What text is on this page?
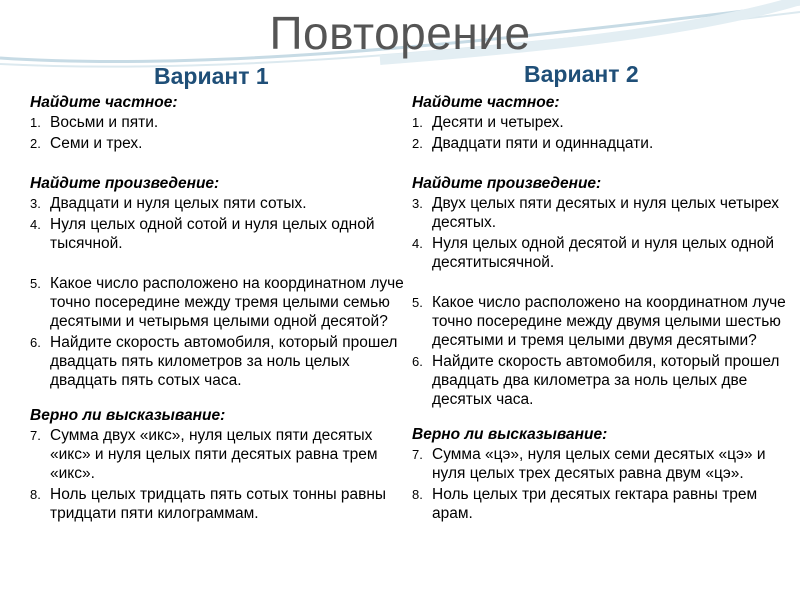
Повторение
Вариант 1
Найдите частное:
1. Восьми и пяти.
2. Семи и трех.
Найдите произведение:
3. Двадцати и нуля целых пяти сотых.
4. Нуля целых одной сотой и нуля целых одной тысячной.
5. Какое число расположено на координатном луче точно посередине между тремя целыми семью десятыми и четырьмя целыми одной десятой?
6. Найдите скорость автомобиля, который прошел двадцать пять километров за ноль целых двадцать пять сотых часа.
Верно ли высказывание:
7. Сумма двух «икс», нуля целых пяти десятых «икс» и нуля целых пяти десятых равна трем «икс».
8. Ноль целых тридцать пять сотых тонны равны тридцати пяти килограммам.
Вариант 2
Найдите частное:
1. Десяти и четырех.
2. Двадцати пяти и одиннадцати.
Найдите произведение:
3. Двух целых пяти десятых и нуля целых четырех десятых.
4. Нуля целых одной десятой и нуля целых одной десятитысячной.
5. Какое число расположено на координатном луче точно посередине между двумя целыми шестью десятыми и тремя целыми двумя десятыми?
6. Найдите скорость автомобиля, который прошел двадцать два километра за ноль целых две десятых часа.
Верно ли высказывание:
7. Сумма «цэ», нуля целых семи десятых «цэ» и нуля целых трех десятых равна двум «цэ».
8. Ноль целых три десятых гектара равны трем арам.
